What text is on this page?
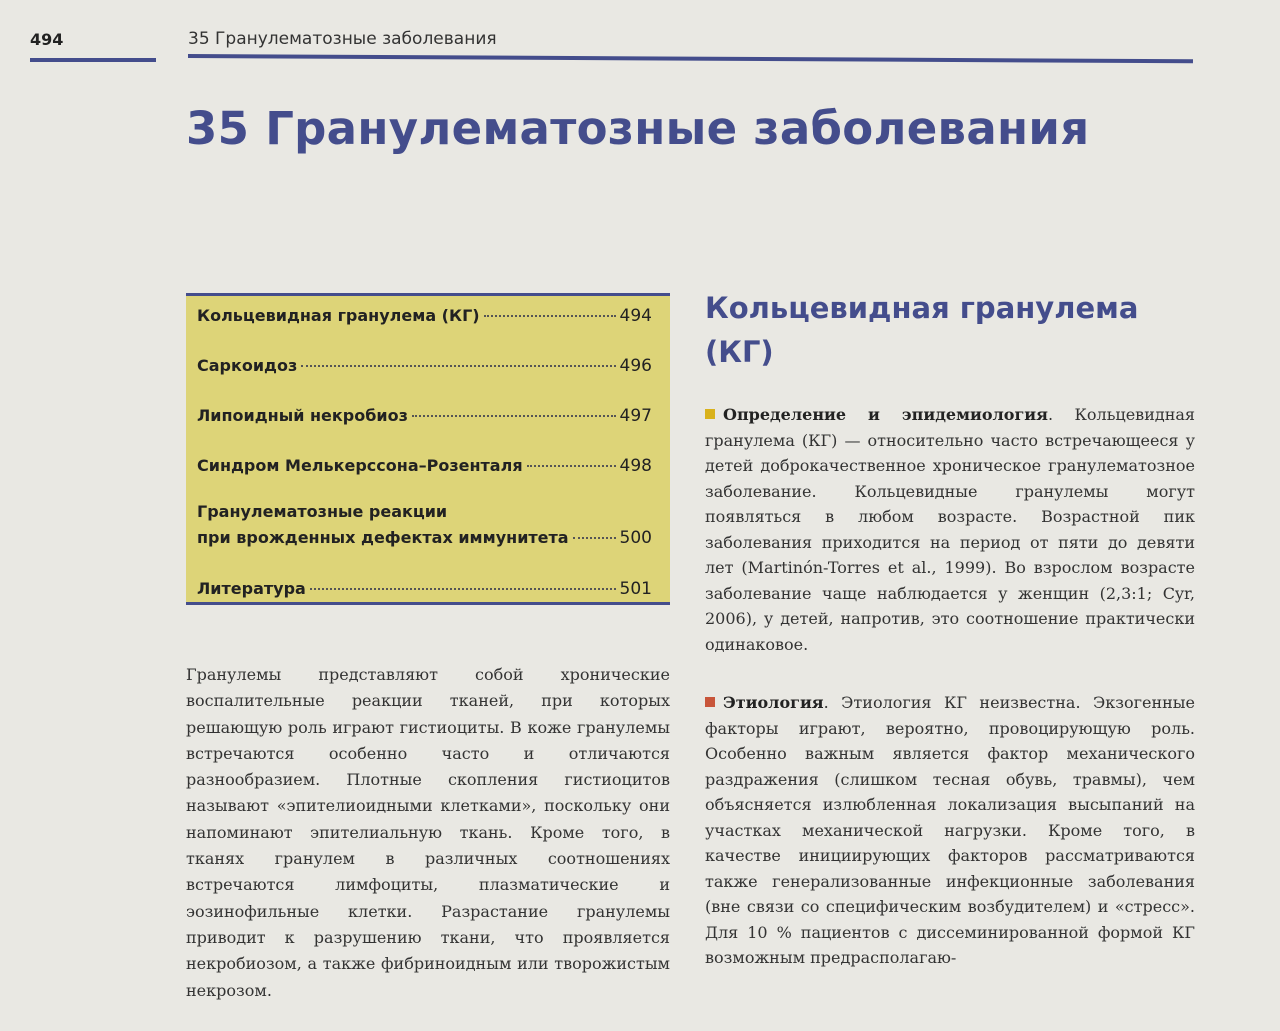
494	35 Гранулематозные заболевания
35 Гранулематозные заболевания
Кольцевидная гранулема (КГ)	494
Саркоидоз	496
Липоидный некробиоз	497
Синдром Мелькерссона–Розенталя	498
Гранулематозные реакции
при врожденных дефектах иммунитета	500
Литература	501

Гранулемы представляют собой хронические воспалительные реакции тканей, при которых решающую роль играют гистиоциты. В коже гранулемы встречаются особенно часто и отличаются разнообразием. Плотные скопления гистиоцитов называют «эпителиоидными клетками», поскольку они напоминают эпителиальную ткань. Кроме того, в тканях гранулем в различных соотношениях встречаются лимфоциты, плазматические и эозинофильные клетки. Разрастание гранулемы приводит к разрушению ткани, что проявляется некробиозом, а также фибриноидным или творожистым некрозом.

Кольцевидная гранулема (КГ)

Определение и эпидемиология. Кольцевидная гранулема (КГ) — относительно часто встречающееся у детей доброкачественное хроническое гранулематозное заболевание. Кольцевидные гранулемы могут появляться в любом возрасте. Возрастной пик заболевания приходится на период от пяти до девяти лет (Martinón-Torres et al., 1999). Во взрослом возрасте заболевание чаще наблюдается у женщин (2,3:1; Cyr, 2006), у детей, напротив, это соотношение практически одинаковое.

Этиология. Этиология КГ неизвестна. Экзогенные факторы играют, вероятно, провоцирующую роль. Особенно важным является фактор механического раздражения (слишком тесная обувь, травмы), чем объясняется излюбленная локализация высыпаний на участках механической нагрузки. Кроме того, в качестве инициирующих факторов рассматриваются также генерализованные инфекционные заболевания (вне связи со специфическим возбудителем) и «стресс». Для 10 % пациентов с диссеминированной формой КГ возможным предрасполагаю-
